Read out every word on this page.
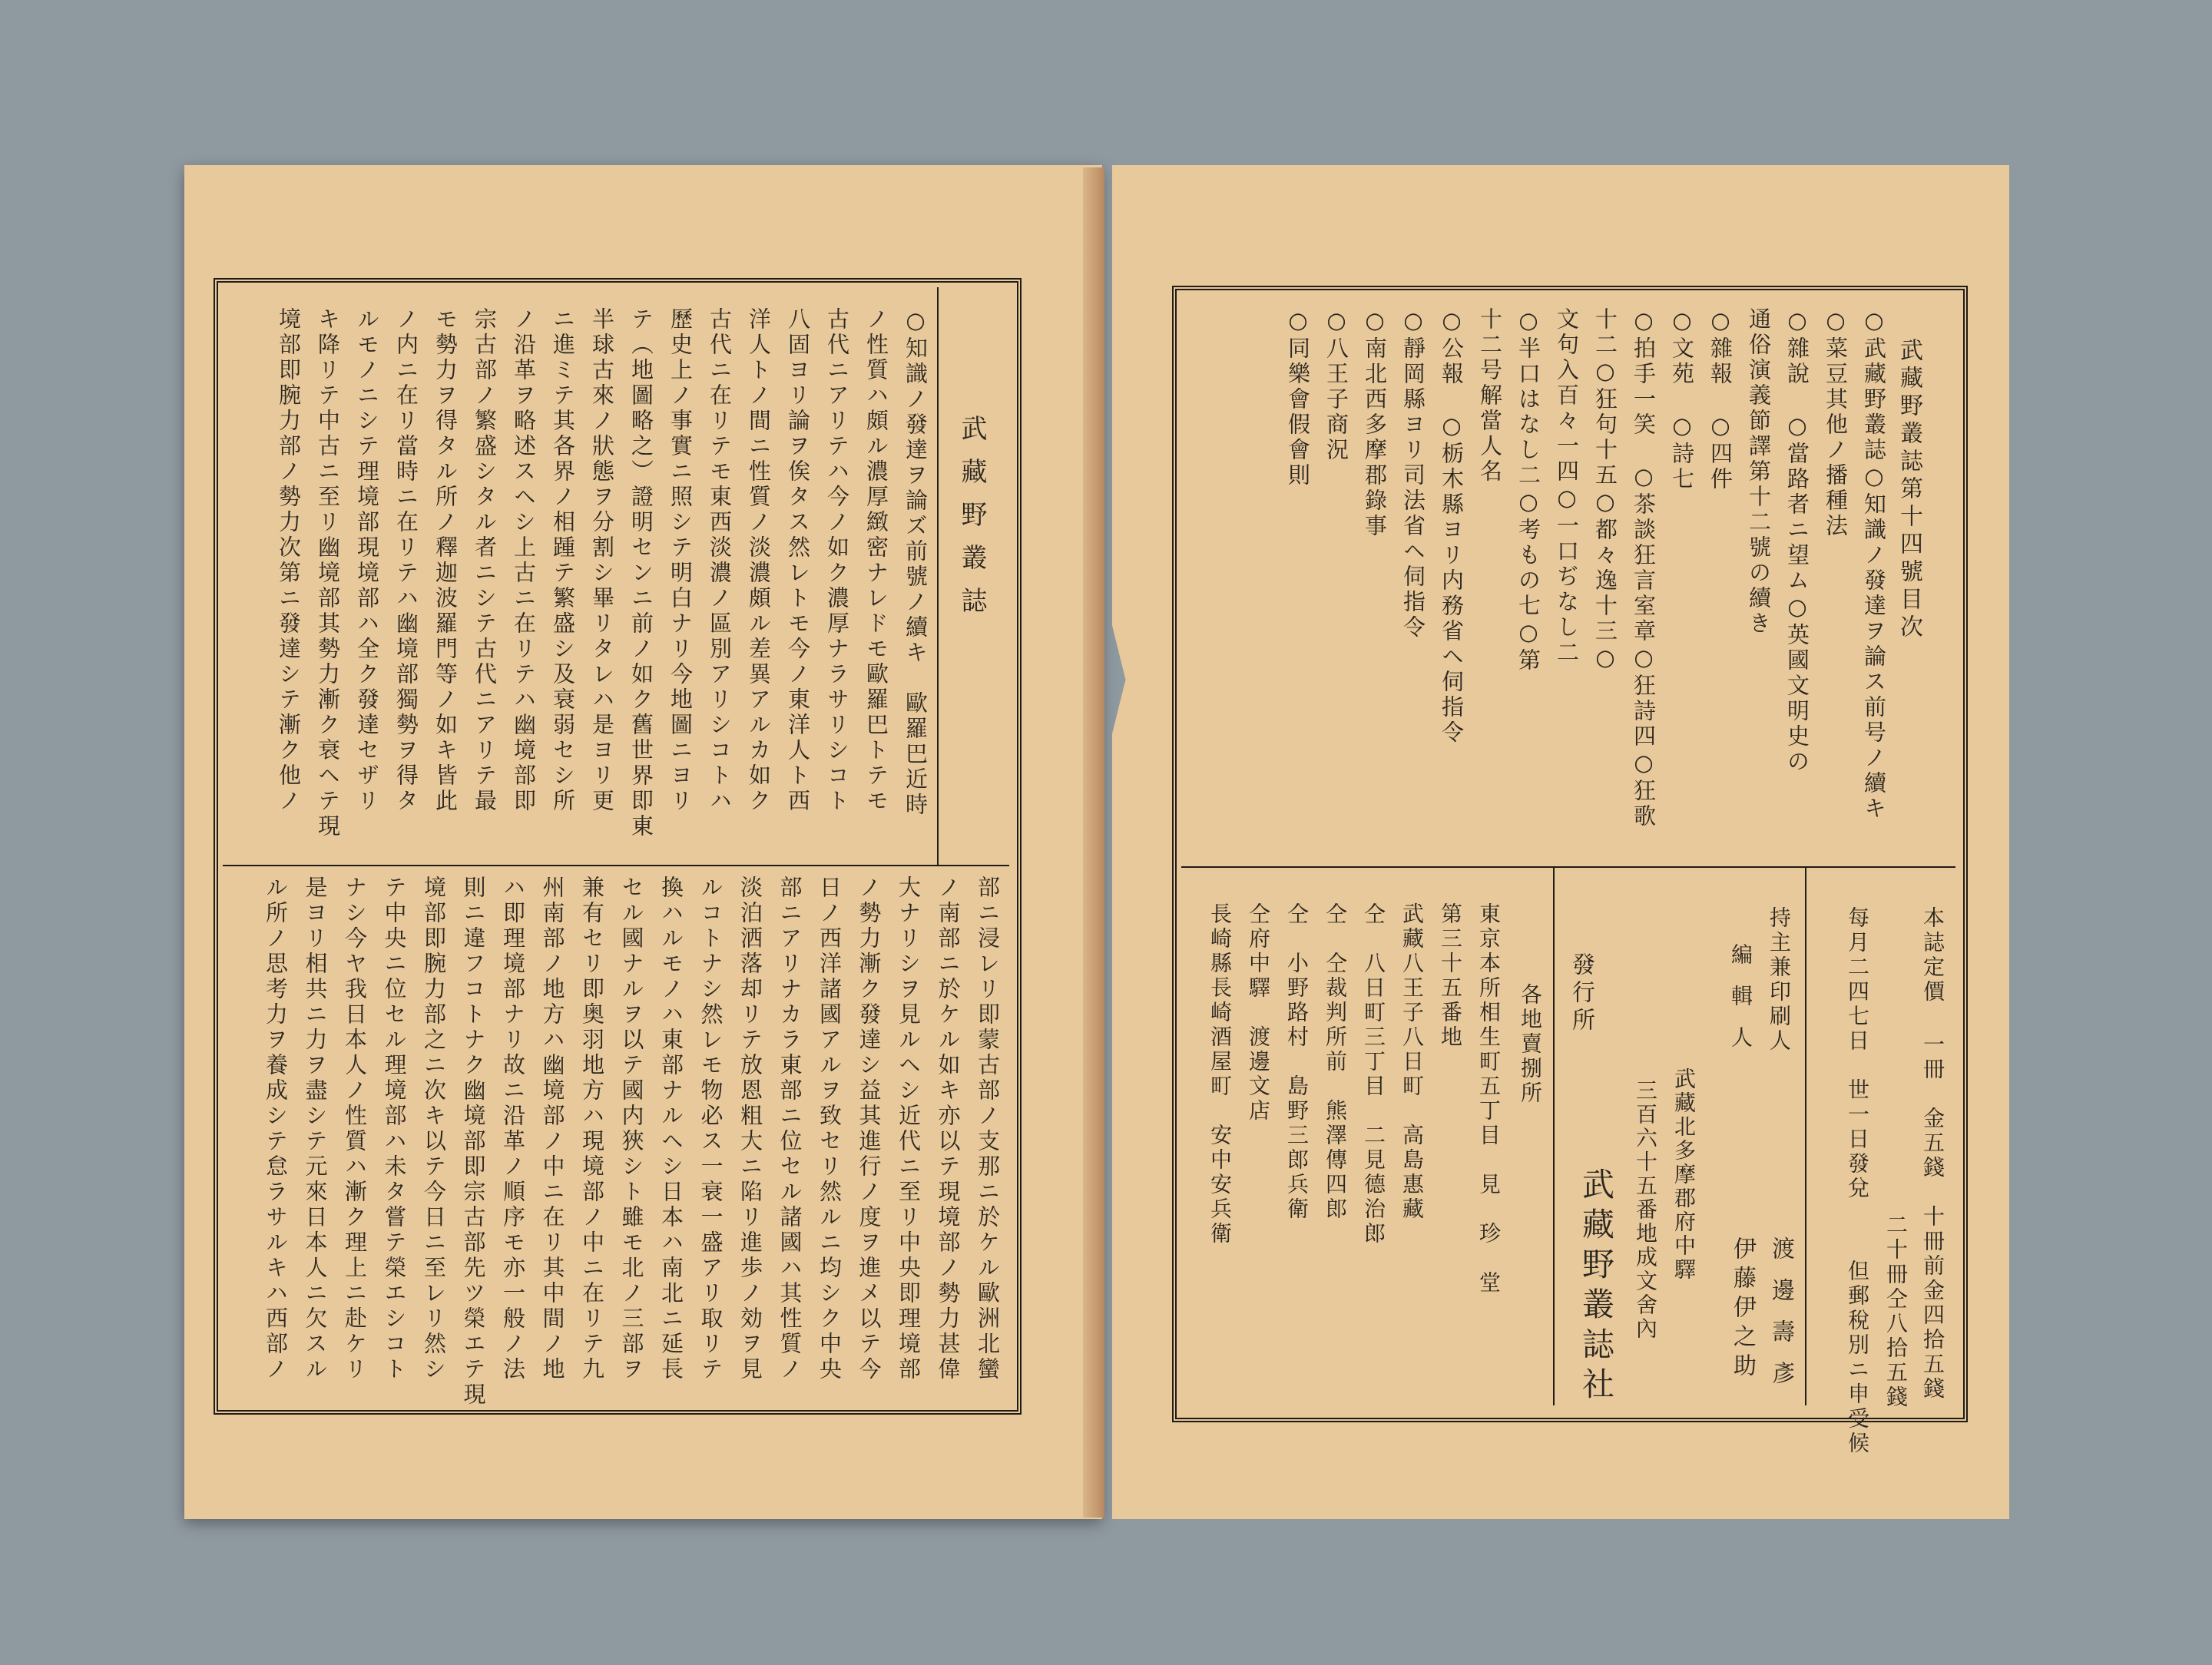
武藏野叢誌
○知識ノ發達ヲ論ズ前號ノ續キ　歐羅巴近時
ノ性質ハ頗ル濃厚緻密ナレドモ歐羅巴トテモ
古代ニアリテハ今ノ如ク濃厚ナラサリシコト
八固ヨリ論ヲ俟タス然レトモ今ノ東洋人ト西
洋人トノ間ニ性質ノ淡濃頗ル差異アルカ如ク
古代ニ在リテモ東西淡濃ノ區別アリシコトハ
歷史上ノ事實ニ照シテ明白ナリ今地圖ニヨリ
テ（地圖略之）證明センニ前ノ如ク舊世界即東
半球古來ノ狀態ヲ分割シ畢リタレハ是ヨリ更
ニ進ミテ其各界ノ相踵テ繁盛シ及衰弱セシ所
ノ沿革ヲ略述スヘシ上古ニ在リテハ幽境部即
宗古部ノ繁盛シタル者ニシテ古代ニアリテ最
モ勢力ヲ得タル所ノ釋迦波羅門等ノ如キ皆此
ノ内ニ在リ當時ニ在リテハ幽境部獨勢ヲ得タ
ルモノニシテ理境部現境部ハ全ク發達セザリ
キ降リテ中古ニ至リ幽境部其勢力漸ク衰ヘテ現
境部即腕力部ノ勢力次第ニ發達シテ漸ク他ノ
部ニ浸レリ即蒙古部ノ支那ニ於ケル歐洲北蠻
ノ南部ニ於ケル如キ亦以テ現境部ノ勢力甚偉
大ナリシヲ見ルヘシ近代ニ至リ中央即理境部
ノ勢力漸ク發達シ益其進行ノ度ヲ進メ以テ今
日ノ西洋諸國アルヲ致セリ然ルニ均シク中央
部ニアリナカラ東部ニ位セル諸國ハ其性質ノ
淡泊洒落却リテ放恩粗大ニ陷リ進歩ノ効ヲ見
ルコトナシ然レモ物必ス一衰一盛アリ取リテ
換ハルモノハ東部ナルヘシ日本ハ南北ニ延長
セル國ナルヲ以テ國内狹シト雖モ北ノ三部ヲ
兼有セリ即奥羽地方ハ現境部ノ中ニ在リテ九
州南部ノ地方ハ幽境部ノ中ニ在リ其中間ノ地
ハ即理境部ナリ故ニ沿革ノ順序モ亦一般ノ法
則ニ違フコトナク幽境部即宗古部先ツ榮エテ現
境部即腕力部之ニ次キ以テ今日ニ至レリ然シ
テ中央ニ位セル理境部ハ未タ嘗テ榮エシコト
ナシ今ヤ我日本人ノ性質ハ漸ク理上ニ赴ケリ
是ヨリ相共ニ力ヲ盡シテ元來日本人ニ欠スル
ル所ノ思考力ヲ養成シテ怠ラサルキハ西部ノ
武藏野叢誌第十四號目次
○武藏野叢誌○知識ノ發達ヲ論ス前号ノ續キ
○菜豆其他ノ播種法
○雜說　○當路者ニ望ム○英國文明史の
通俗演義節譯第十二號の續き
○雜報　○四件
○文苑　○詩七
○拍手一笑　○茶談狂言室章○狂詩四○狂歌
十二○狂句十五○都々逸十三○
文句入百々一四○一口ぢなし二
○半口はなし二○考もの七○第
十二号解當人名
○公報　○栃木縣ヨリ内務省ヘ伺指令
○靜岡縣ヨリ司法省ヘ伺指令
○南北西多摩郡錄事
○八王子商況
○同樂會假會則
本誌定價
一冊　金五錢　十冊前金四拾五錢
二十冊仝八拾五錢
每月二四七日　世一日發兌
但郵稅別ニ申受候
持主兼印刷人
渡邊壽彥
編輯人
伊藤伊之助
武藏北多摩郡府中驛
三百六十五番地成文舍內
發行所
武藏野叢誌社
各地賣捌所
東京本所相生町五丁目　見　珍　堂
第三十五番地
武藏八王子八日町　高島惠藏
仝　八日町三丁目　二見德治郎
仝　仝裁判所前　熊澤傳四郎
仝　小野路村　島野三郎兵衛
仝府中驛　渡邊文店
長崎縣長崎酒屋町　安中安兵衛
